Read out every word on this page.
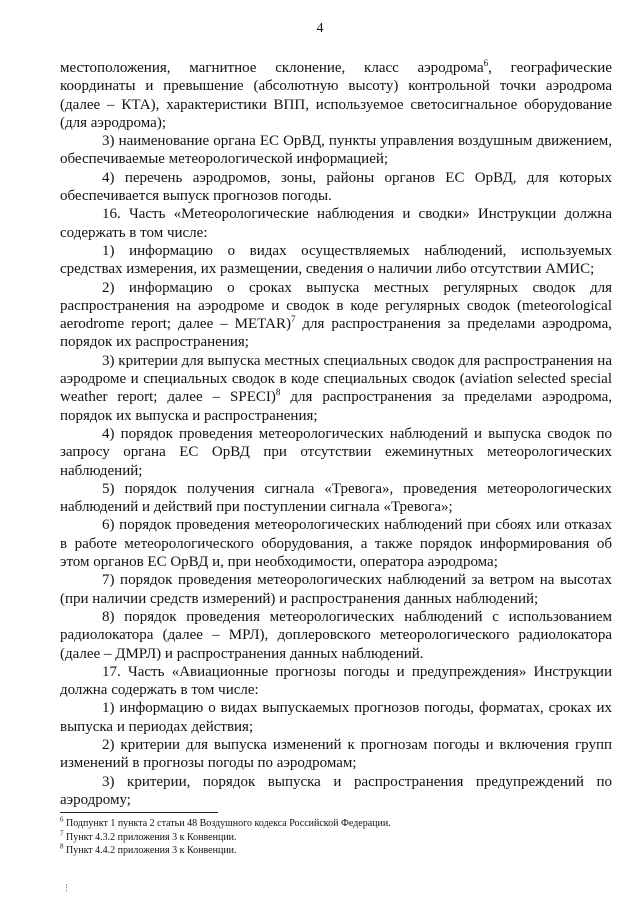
4

местоположения, магнитное склонение, класс аэродрома$^6$, географические координаты и превышение (абсолютную высоту) контрольной точки аэродрома (далее – КТА), характеристики ВПП, используемое светосигнальное оборудование (для аэродрома);

3) наименование органа ЕС ОрВД, пункты управления воздушным движением, обеспечиваемые метеорологической информацией;

4) перечень аэродромов, зоны, районы органов ЕС ОрВД, для которых обеспечивается выпуск прогнозов погоды.

16. Часть «Метеорологические наблюдения и сводки» Инструкции должна содержать в том числе:

1) информацию о видах осуществляемых наблюдений, используемых средствах измерения, их размещении, сведения о наличии либо отсутствии АМИС;

2) информацию о сроках выпуска местных регулярных сводок для распространения на аэродроме и сводок в коде регулярных сводок (meteorological aerodrome report; далее – METAR)$^7$ для распространения за пределами аэродрома, порядок их распространения;

3) критерии для выпуска местных специальных сводок для распространения на аэродроме и специальных сводок в коде специальных сводок (aviation selected special weather report; далее – SPECI)$^8$ для распространения за пределами аэродрома, порядок их выпуска и распространения;

4) порядок проведения метеорологических наблюдений и выпуска сводок по запросу органа ЕС ОрВД при отсутствии ежеминутных метеорологических наблюдений;

5) порядок получения сигнала «Тревога», проведения метеорологических наблюдений и действий при поступлении сигнала «Тревога»;

6) порядок проведения метеорологических наблюдений при сбоях или отказах в работе метеорологического оборудования, а также порядок информирования об этом органов ЕС ОрВД и, при необходимости, оператора аэродрома;

7) порядок проведения метеорологических наблюдений за ветром на высотах (при наличии средств измерений) и распространения данных наблюдений;

8) порядок проведения метеорологических наблюдений с использованием радиолокатора (далее – МРЛ), доплеровского метеорологического радиолокатора (далее – ДМРЛ) и распространения данных наблюдений.

17. Часть «Авиационные прогнозы погоды и предупреждения» Инструкции должна содержать в том числе:

1) информацию о видах выпускаемых прогнозов погоды, форматах, сроках их выпуска и периодах действия;

2) критерии для выпуска изменений к прогнозам погоды и включения групп изменений в прогнозы погоды по аэродромам;

3) критерии, порядок выпуска и распространения предупреждений по аэродрому;

$^6$ Подпункт 1 пункта 2 статьи 48 Воздушного кодекса Российской Федерации.

$^7$ Пункт 4.3.2 приложения 3 к Конвенции.

$^8$ Пункт 4.4.2 приложения 3 к Конвенции.
